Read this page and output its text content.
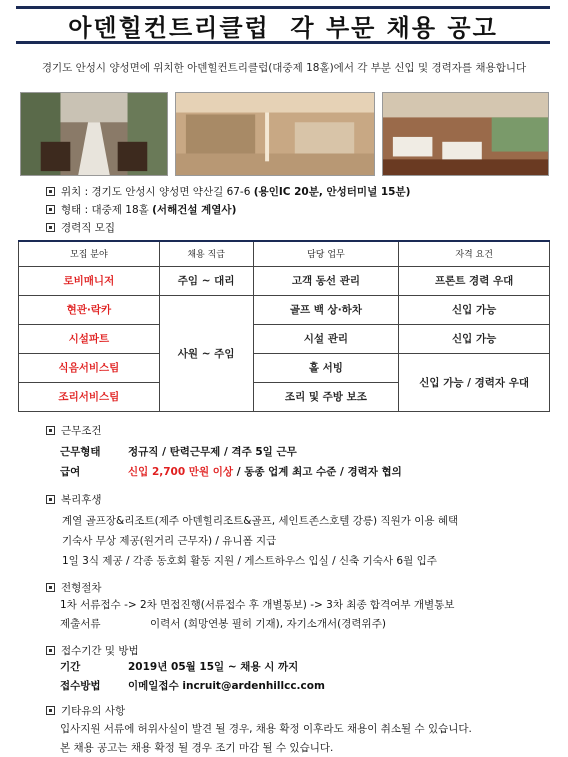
아덴힐컨트리클럽  각 부문 채용 공고
경기도 안성시 양성면에 위치한 아덴힐컨트리클럽(대중제 18홀)에서 각 부분 신입 및 경력자를 채용합니다
위치 : 경기도 안성시 양성면 약산길 67-6 (용인IC 20분, 안성터미널 15분)
형태 : 대중제 18홀 (서해건설 계열사)
경력직 모집
모집 분야	채용 직급	담당 업무	자격 요건
로비매니저	주임 ~ 대리	고객 동선 관리	프론트 경력 우대
현관·락카	사원 ~ 주임	골프 백 상·하차	신입 가능
시설파트		시설 관리	신입 가능
식음서비스팀		홀 서빙	신입 가능 / 경력자 우대
조리서비스팀		조리 및 주방 보조	
근무조건
근무형태	정규직 / 탄력근무제 / 격주 5일 근무
급여	신입 2,700 만원 이상 / 동종 업계 최고 수준 / 경력자 협의
복리후생
계열 골프장&리조트(제주 아덴힐리조트&골프, 세인트존스호텔 강릉) 직원가 이용 혜택
기숙사 무상 제공(원거리 근무자) / 유니폼 지급
1일 3식 제공 / 각종 동호회 활동 지원 / 게스트하우스 입실 / 신축 기숙사 6월 입주
전형절차
1차 서류접수 -> 2차 면접진행(서류접수 후 개별통보) -> 3차 최종 합격여부 개별통보
제출서류	이력서 (희망연봉 필히 기재), 자기소개서(경력위주)
접수기간 및 방법
기간	2019년 05월 15일 ~ 채용 시 까지
접수방법	이메일접수 incruit@ardenhillcc.com
기타유의 사항
입사지원 서류에 허위사실이 발견 될 경우, 채용 확정 이후라도 채용이 취소될 수 있습니다.
본 채용 공고는 채용 확정 될 경우 조기 마감 될 수 있습니다.
